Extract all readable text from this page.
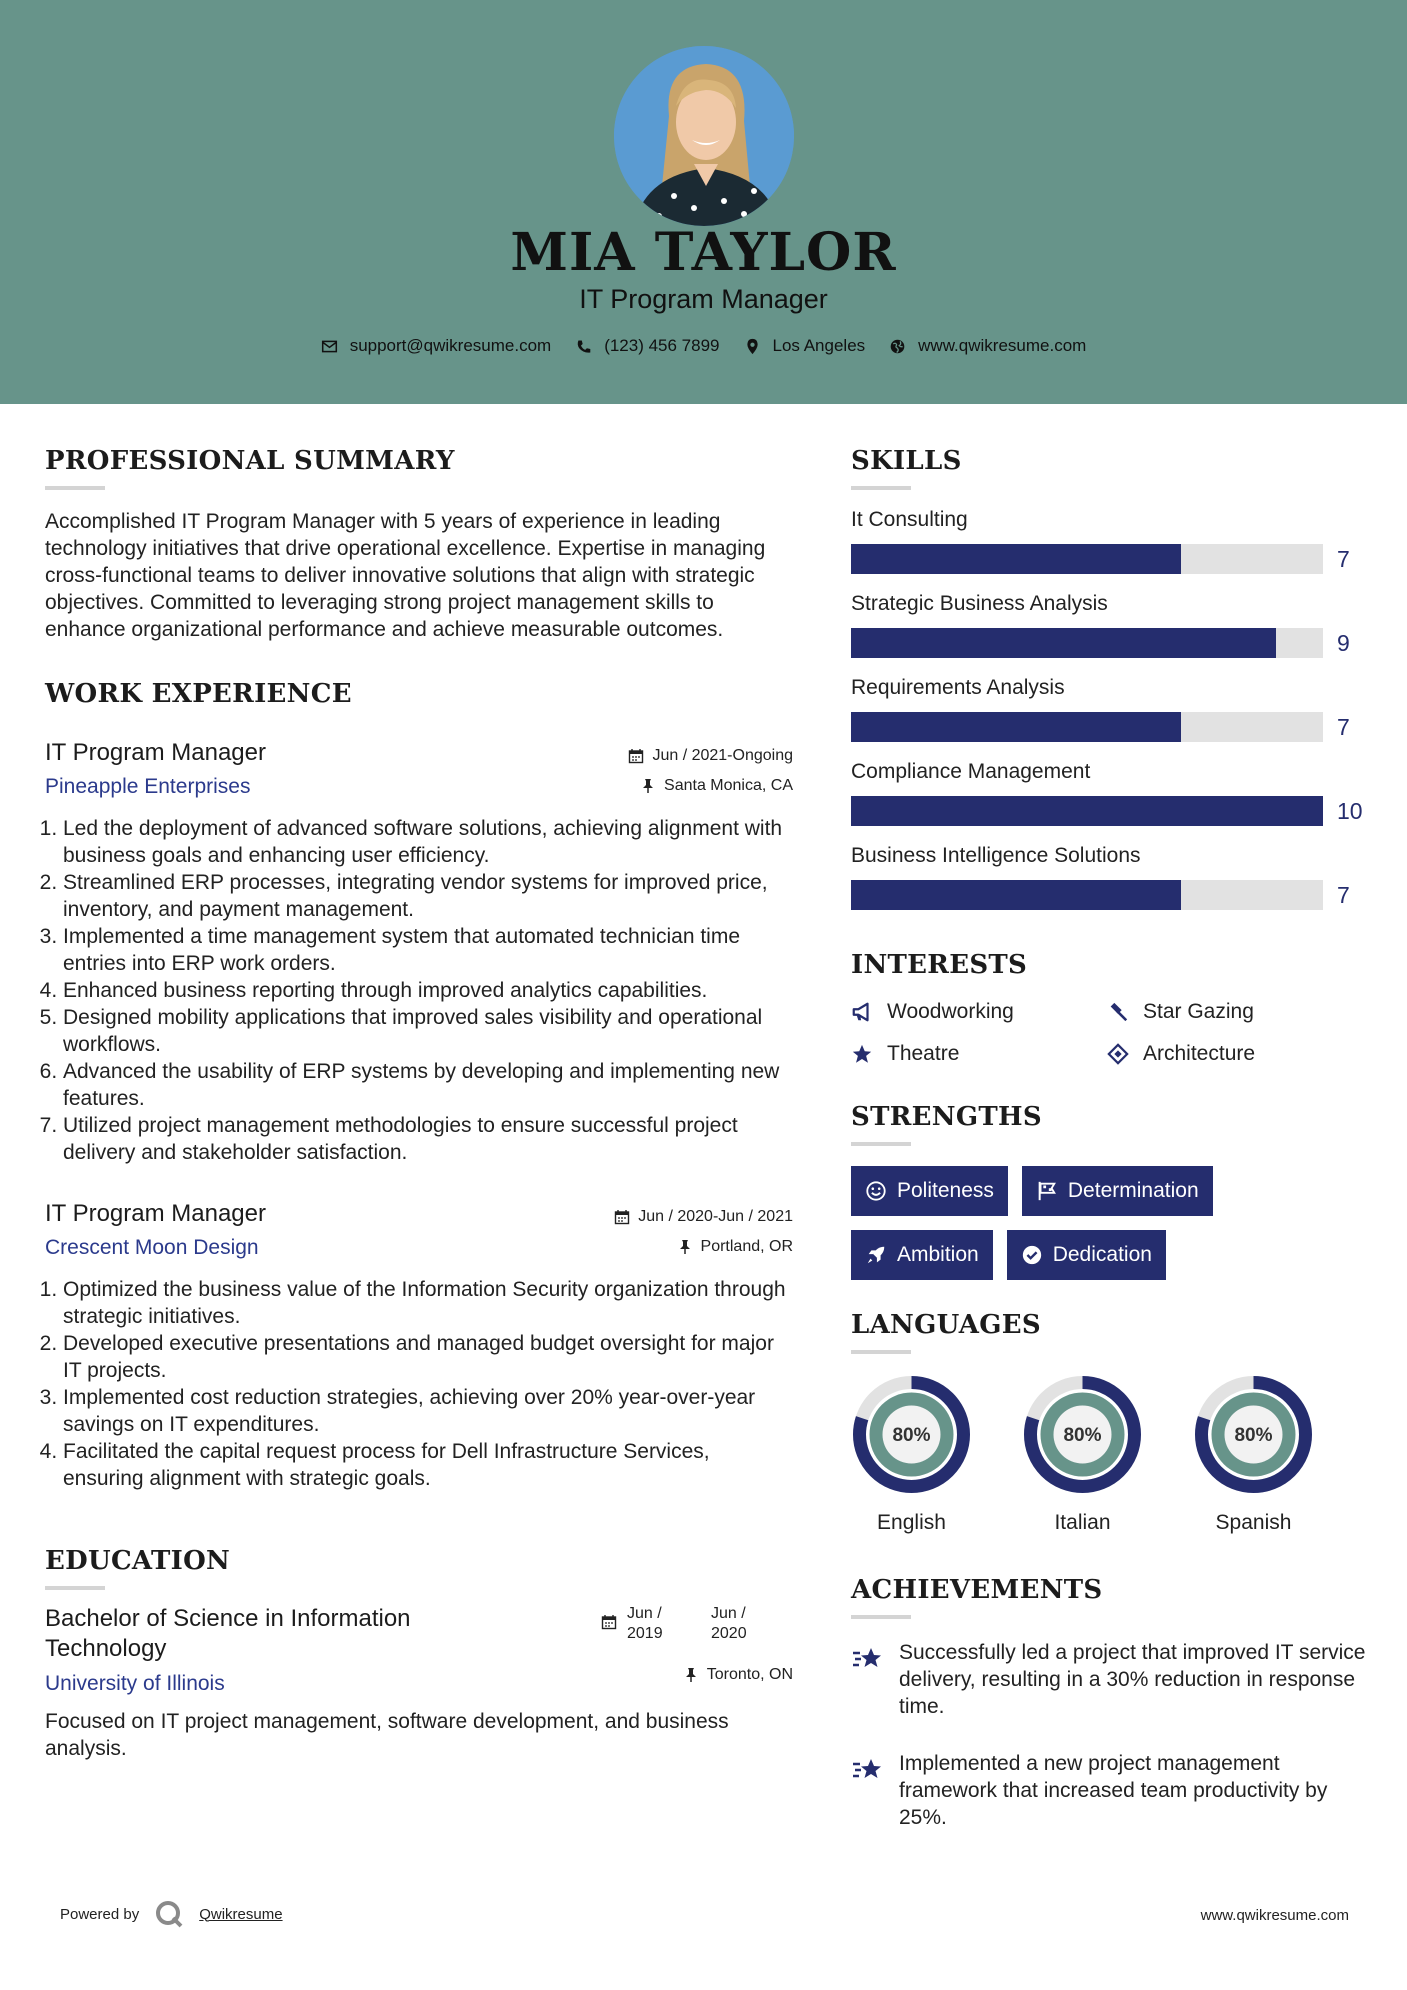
MIA TAYLOR
IT Program Manager
support@qwikresume.com	(123) 456 7899	Los Angeles	www.qwikresume.com
PROFESSIONAL SUMMARY
Accomplished IT Program Manager with 5 years of experience in leading technology initiatives that drive operational excellence. Expertise in managing cross-functional teams to deliver innovative solutions that align with strategic objectives. Committed to leveraging strong project management skills to enhance organizational performance and achieve measurable outcomes.
WORK EXPERIENCE
IT Program Manager
Pineapple Enterprises
Jun / 2021-Ongoing
Santa Monica, CA
1. Led the deployment of advanced software solutions, achieving alignment with business goals and enhancing user efficiency.
2. Streamlined ERP processes, integrating vendor systems for improved price, inventory, and payment management.
3. Implemented a time management system that automated technician time entries into ERP work orders.
4. Enhanced business reporting through improved analytics capabilities.
5. Designed mobility applications that improved sales visibility and operational workflows.
6. Advanced the usability of ERP systems by developing and implementing new features.
7. Utilized project management methodologies to ensure successful project delivery and stakeholder satisfaction.
IT Program Manager
Crescent Moon Design
Jun / 2020-Jun / 2021
Portland, OR
1. Optimized the business value of the Information Security organization through strategic initiatives.
2. Developed executive presentations and managed budget oversight for major IT projects.
3. Implemented cost reduction strategies, achieving over 20% year-over-year savings on IT expenditures.
4. Facilitated the capital request process for Dell Infrastructure Services, ensuring alignment with strategic goals.
EDUCATION
Bachelor of Science in Information Technology
University of Illinois
Jun / 2019
Jun / 2020
Toronto, ON
Focused on IT project management, software development, and business analysis.
SKILLS
It Consulting
7
Strategic Business Analysis
9
Requirements Analysis
7
Compliance Management
10
Business Intelligence Solutions
7
INTERESTS
Woodworking	Star Gazing
Theatre	Architecture
STRENGTHS
Politeness	Determination
Ambition	Dedication
LANGUAGES
80%
English
80%
Italian
80%
Spanish
ACHIEVEMENTS
Successfully led a project that improved IT service delivery, resulting in a 30% reduction in response time.
Implemented a new project management framework that increased team productivity by 25%.
Powered by	Qwikresume	www.qwikresume.com
